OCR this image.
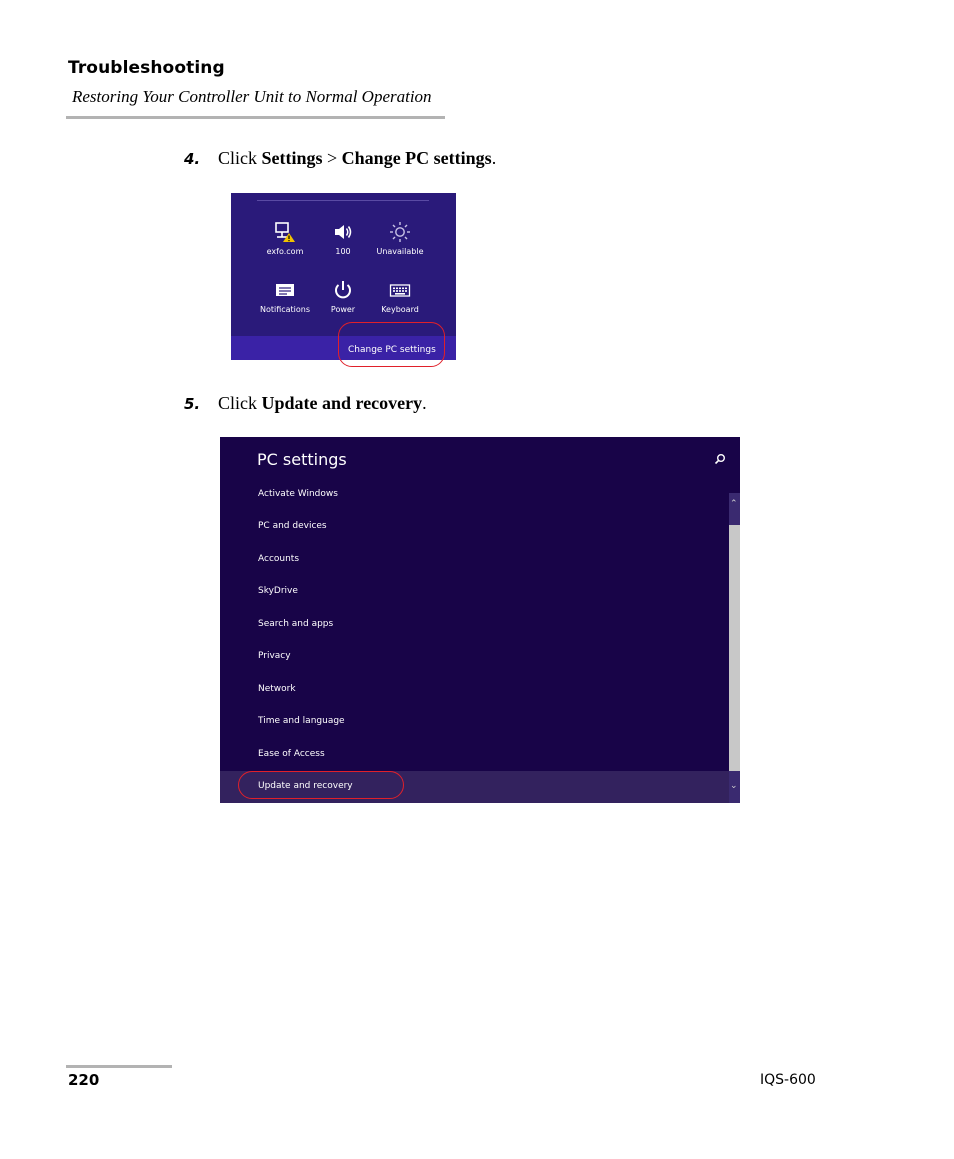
Troubleshooting
Restoring Your Controller Unit to Normal Operation
4. Click Settings > Change PC settings.
exfo.com	100	Unavailable
Notifications	Power	Keyboard
Change PC settings
5. Click Update and recovery.
PC settings
Activate Windows
PC and devices
Accounts
SkyDrive
Search and apps
Privacy
Network
Time and language
Ease of Access
Update and recovery
⌃
⌄
220	IQS-600
